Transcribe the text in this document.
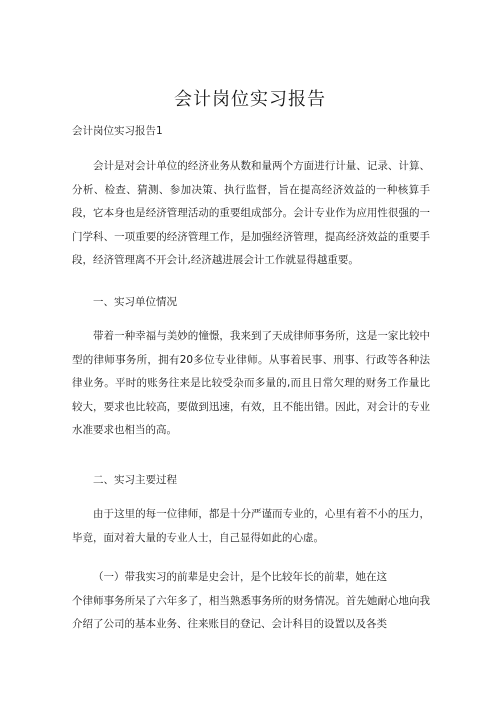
会计岗位实习报告
会计岗位实习报告1
会计是对会计单位的经济业务从数和量两个方面进行计量、记录、计算、分析、检查、猜测、参加决策、执行监督，旨在提高经济效益的一种核算手段，它本身也是经济管理活动的重要组成部分。会计专业作为应用性很强的一门学科、一项重要的经济管理工作，是加强经济管理，提高经济效益的重要手段，经济管理离不开会计,经济越进展会计工作就显得越重要。
一、实习单位情况
带着一种幸福与美妙的憧憬，我来到了天成律师事务所，这是一家比较中型的律师事务所，拥有20多位专业律师。从事着民事、刑事、行政等各种法律业务。平时的账务往来是比较受杂而多量的,而且日常欠理的财务工作量比较大，要求也比较高，要做到迅速，有效，且不能出错。因此，对会计的专业水准要求也相当的高。
二、实习主要过程
由于这里的每一位律师，都是十分严谨而专业的，心里有着不小的压力，毕竟，面对着大量的专业人士，自己显得如此的心虚。
（一）带我实习的前辈是史会计，是个比较年长的前辈，她在这
个律师事务所呆了六年多了，相当熟悉事务所的财务情况。首先她耐心地向我介绍了公司的基本业务、往来账目的登记、会计科目的设置以及各类
